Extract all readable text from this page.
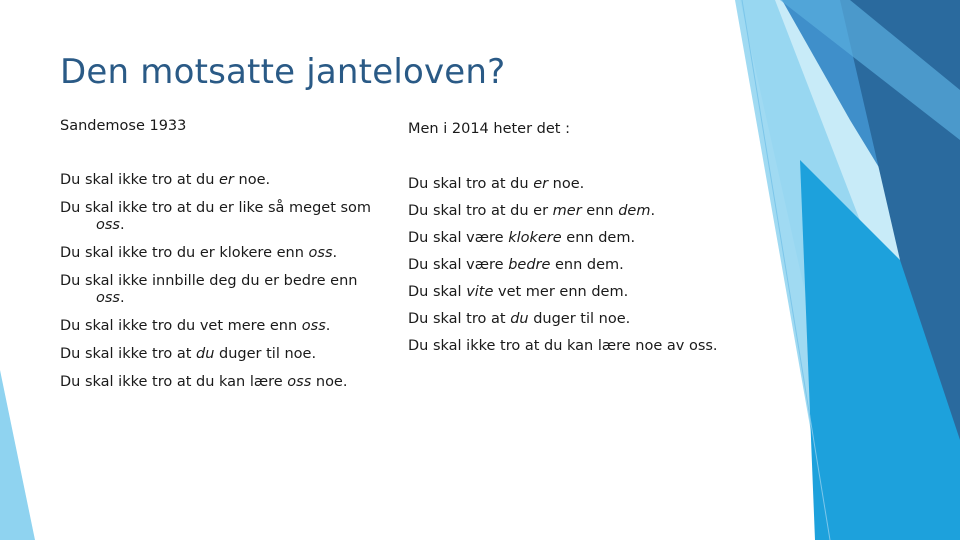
Den motsatte janteloven?
Sandemose 1933
Du skal ikke tro at du er noe.
Du skal ikke tro at du er like så meget som oss.
Du skal ikke tro du er klokere enn oss.
Du skal ikke innbille deg du er bedre enn oss.
Du skal ikke tro du vet mere enn oss.
Du skal ikke tro at du duger til noe.
Du skal ikke tro at du kan lære oss noe.
Men i 2014 heter det :
Du skal tro at du er noe.
Du skal tro at du er mer enn dem.
Du skal være klokere enn dem.
Du skal være bedre enn dem.
Du skal vite vet mer enn dem.
Du skal tro at du duger til noe.
Du skal ikke tro at du kan lære noe av oss.
